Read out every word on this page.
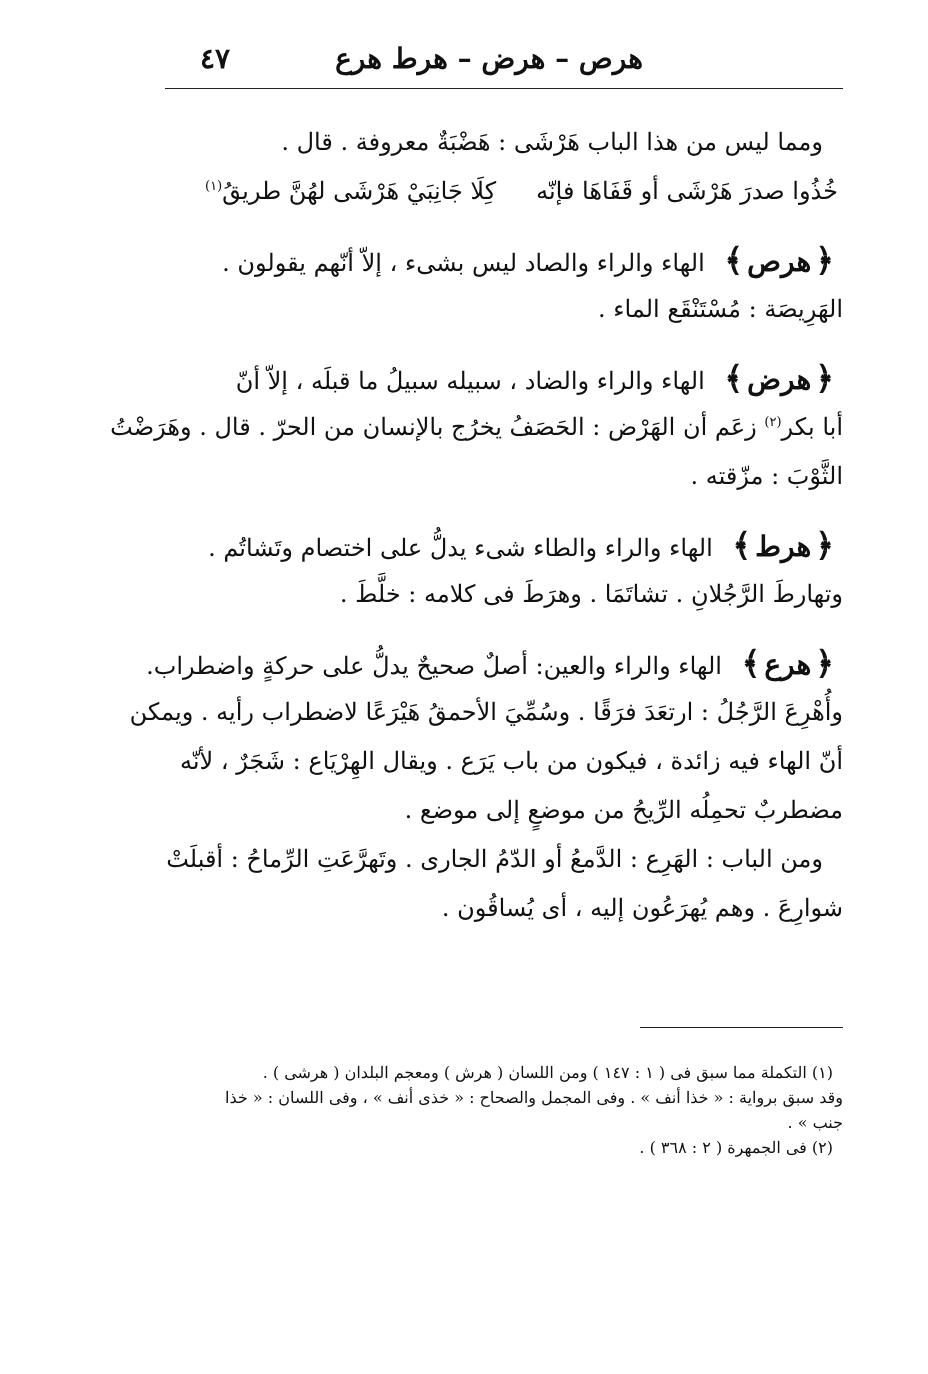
هرص – هرض – هرط هرع
٤٧
ومما ليس من هذا الباب هَرْشَى : هَضْبَةٌ معروفة . قال .
خُذُوا صدرَ هَرْشَى أو قَفَاهَا فإنّه
كِلَا جَانِبَيْ هَرْشَى لهُنَّ طريقُ$^{(١)}$
﴿ هرص ﴾ الهاء والراء والصاد ليس بشىء ، إلاّ أنّهم يقولون .
الهَرِيصَة : مُسْتَنْقَع الماء .
﴿ هرض ﴾ الهاء والراء والضاد ، سبيله سبيلُ ما قبلَه ، إلاّ أنّ
أبا بكر$^{(٢)}$ زعَم أن الهَرْض : الحَصَفُ يخرُج بالإنسان من الحرّ . قال . وهَرَضْتُ
الثَّوْبَ : مزّقته .
﴿ هرط ﴾ الهاء والراء والطاء شىء يدلُّ على اختصام وتَشاتُم .
وتهارطَ الرَّجُلانِ . تشاتَمَا . وهرَطَ فى كلامه : خلَّطَ .
﴿ هرع ﴾ الهاء والراء والعين: أصلٌ صحيحٌ يدلُّ على حركةٍ واضطراب.
وأُهْرِعَ الرَّجُلُ : ارتعَدَ فرَقًا . وسُمِّيَ الأحمقُ هَيْرَعًا لاضطراب رأيه . ويمكن
أنّ الهاء فيه زائدة ، فيكون من باب يَرَع . ويقال الهِرْيَاع : شَجَرٌ ، لأنّه
مضطربٌ تحمِلُه الرِّيحُ من موضعٍ إلى موضع .
ومن الباب : الهَرِع : الدَّمعُ أو الدّمُ الجارى . وتَهرَّعَتِ الرِّماحُ : أقبلَتْ
شوارِعَ . وهم يُهرَعُون إليه ، أى يُساقُون .
(١) التكملة مما سبق فى ( ١ : ١٤٧ ) ومن اللسان ( هرش ) ومعجم البلدان ( هرشى ) .
وقد سبق برواية : « خذا أنف » . وفى المجمل والصحاح : « خذى أنف » ، وفى اللسان : « خذا
جنب » .
(٢) فى الجمهرة ( ٢ : ٣٦٨ ) .
